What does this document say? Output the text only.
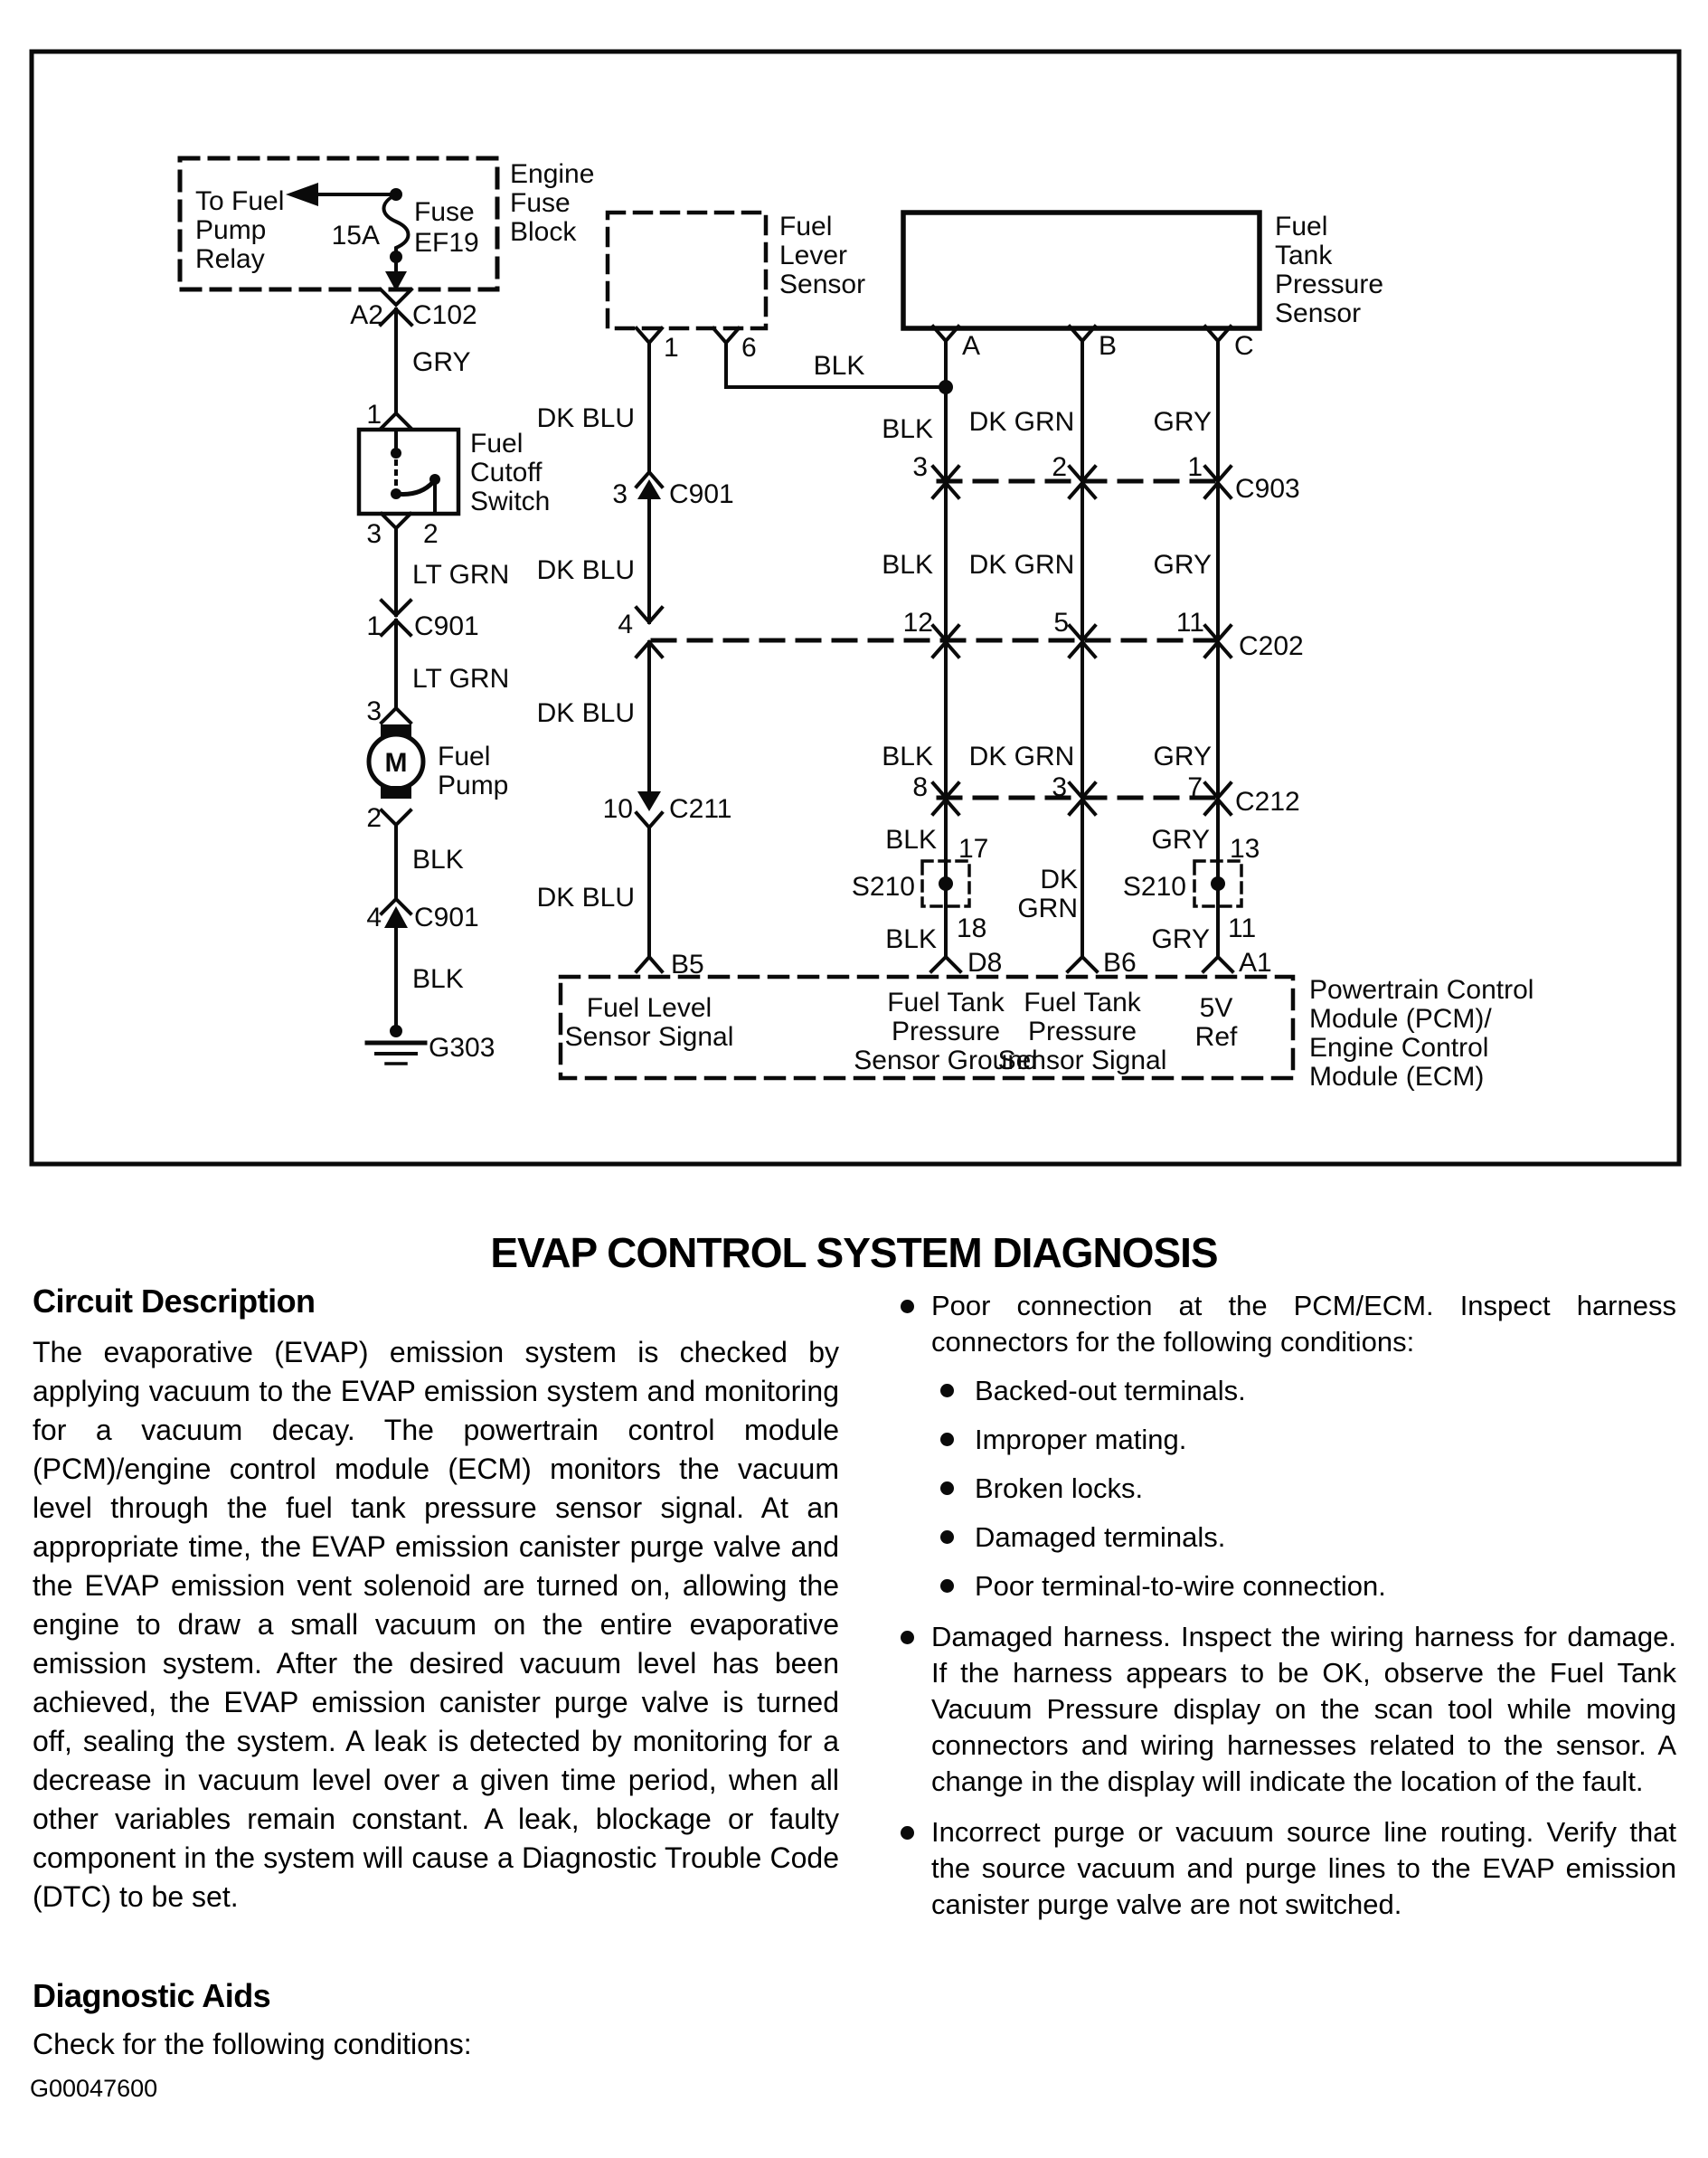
To Fuel
Pump
Relay
15A
Fuse
EF19
Engine
Fuse
Block
A2 C102
GRY
1
Fuel
Cutoff
Switch
3 2
LT GRN
1 C901
LT GRN
3
M Fuel
Pump
2
BLK
4 C901
BLK
G303
Fuel
Lever
Sensor
1 6
BLK
DK BLU
3 C901
DK BLU
4
DK BLU
10 C211
DK BLU
B5
Fuel
Tank
Pressure
Sensor
A	B	C
BLK DK GRN	GRY
3	2	1
C903
BLK DK GRN	GRY
12	5	11
C202
BLK DK GRN	GRY
8	3	7 C212
BLK 17
S210
18
BLK
D8
DK
GRN
B6
GRY 13
S210
11
GRY
A1
Fuel Level
Sensor Signal
Fuel Tank
Pressure
Sensor Ground
Fuel Tank
Pressure
Sensor Signal
5V
Ref
Powertrain Control
Module (PCM)/
Engine Control
Module (ECM)
EVAP CONTROL SYSTEM DIAGNOSIS
Circuit Description

The evaporative (EVAP) emission system is checked by applying vacuum to the EVAP emission system and monitoring for a vacuum decay. The powertrain control module (PCM)/engine control module (ECM) monitors the vacuum level through the fuel tank pressure sensor signal. At an appropriate time, the EVAP emission canister purge valve and the EVAP emission vent solenoid are turned on, allowing the engine to draw a small vacuum on the entire evaporative emission system. After the desired vacuum level has been achieved, the EVAP emission canister purge valve is turned off, sealing the system. A leak is detected by monitoring for a decrease in vacuum level over a given time period, when all other variables remain constant. A leak, blockage or faulty component in the system will cause a Diagnostic Trouble Code (DTC) to be set.

Poor connection at the PCM/ECM. Inspect harness connectors for the following conditions:
Backed-out terminals.
Improper mating.
Broken locks.
Damaged terminals.
Poor terminal-to-wire connection.
Damaged harness. Inspect the wiring harness for damage. If the harness appears to be OK, observe the Fuel Tank Vacuum Pressure display on the scan tool while moving connectors and wiring harnesses related to the sensor. A change in the display will indicate the location of the fault.
Incorrect purge or vacuum source line routing. Verify that the source vacuum and purge lines to the EVAP emission canister purge valve are not switched.
Diagnostic Aids

Check for the following conditions:

G00047600
